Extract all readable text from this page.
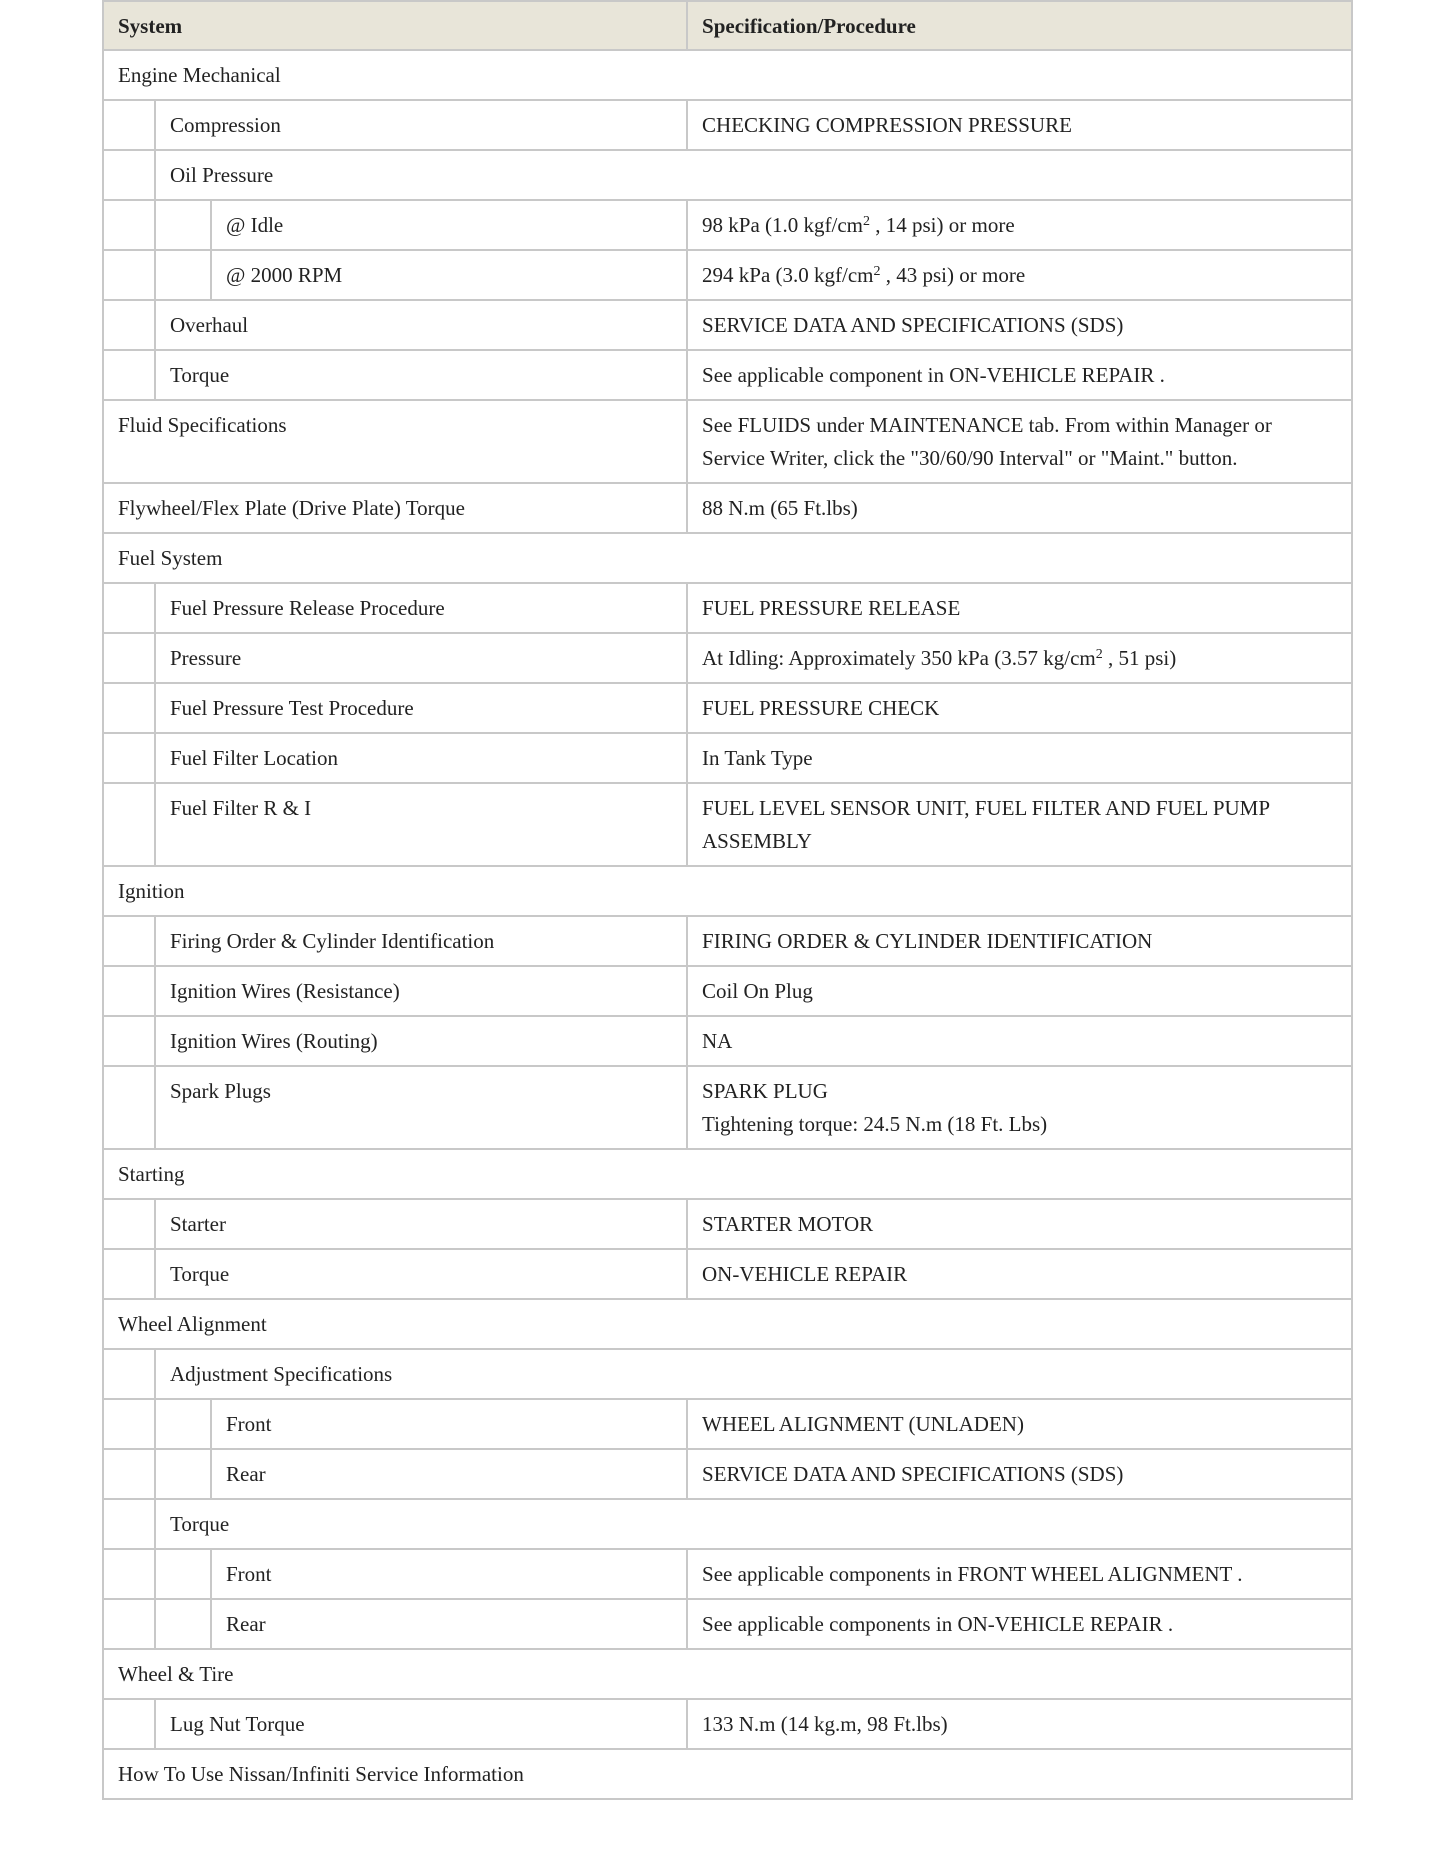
System			Specification/Procedure
Engine Mechanical			
	Compression		CHECKING COMPRESSION PRESSURE
	Oil Pressure		
		@ Idle	98 kPa (1.0 kgf/$cm^2$ , 14 psi) or more
		@ 2000 RPM	294 kPa (3.0 kgf/$cm^2$ , 43 psi) or more
	Overhaul		SERVICE DATA AND SPECIFICATIONS (SDS)
	Torque		See applicable component in ON-VEHICLE REPAIR .
Fluid Specifications			See FLUIDS under MAINTENANCE tab. From within Manager or Service Writer, click the "30/60/90 Interval" or "Maint." button.
Flywheel/Flex Plate (Drive Plate) Torque			88 N.m (65 Ft.lbs)
Fuel System			
	Fuel Pressure Release Procedure		FUEL PRESSURE RELEASE
	Pressure		At Idling: Approximately 350 kPa (3.57 $kg/cm^2$ , 51 psi)
	Fuel Pressure Test Procedure		FUEL PRESSURE CHECK
	Fuel Filter Location		In Tank Type
	Fuel Filter R & I		FUEL LEVEL SENSOR UNIT, FUEL FILTER AND FUEL PUMP ASSEMBLY
Ignition			
	Firing Order & Cylinder Identification		FIRING ORDER & CYLINDER IDENTIFICATION
	Ignition Wires (Resistance)		Coil On Plug
	Ignition Wires (Routing)		NA
	Spark Plugs		SPARK PLUG
Tightening torque: 24.5 N.m (18 Ft. Lbs)

Starting			
	Starter		STARTER MOTOR
	Torque		ON-VEHICLE REPAIR
Wheel Alignment			
	Adjustment Specifications		
		Front	WHEEL ALIGNMENT (UNLADEN)
		Rear	SERVICE DATA AND SPECIFICATIONS (SDS)
	Torque		
		Front	See applicable components in FRONT WHEEL ALIGNMENT .
		Rear	See applicable components in ON-VEHICLE REPAIR .
Wheel & Tire			
	Lug Nut Torque		133 N.m (14 kg.m, 98 Ft.lbs)
How To Use Nissan/Infiniti Service Information			
